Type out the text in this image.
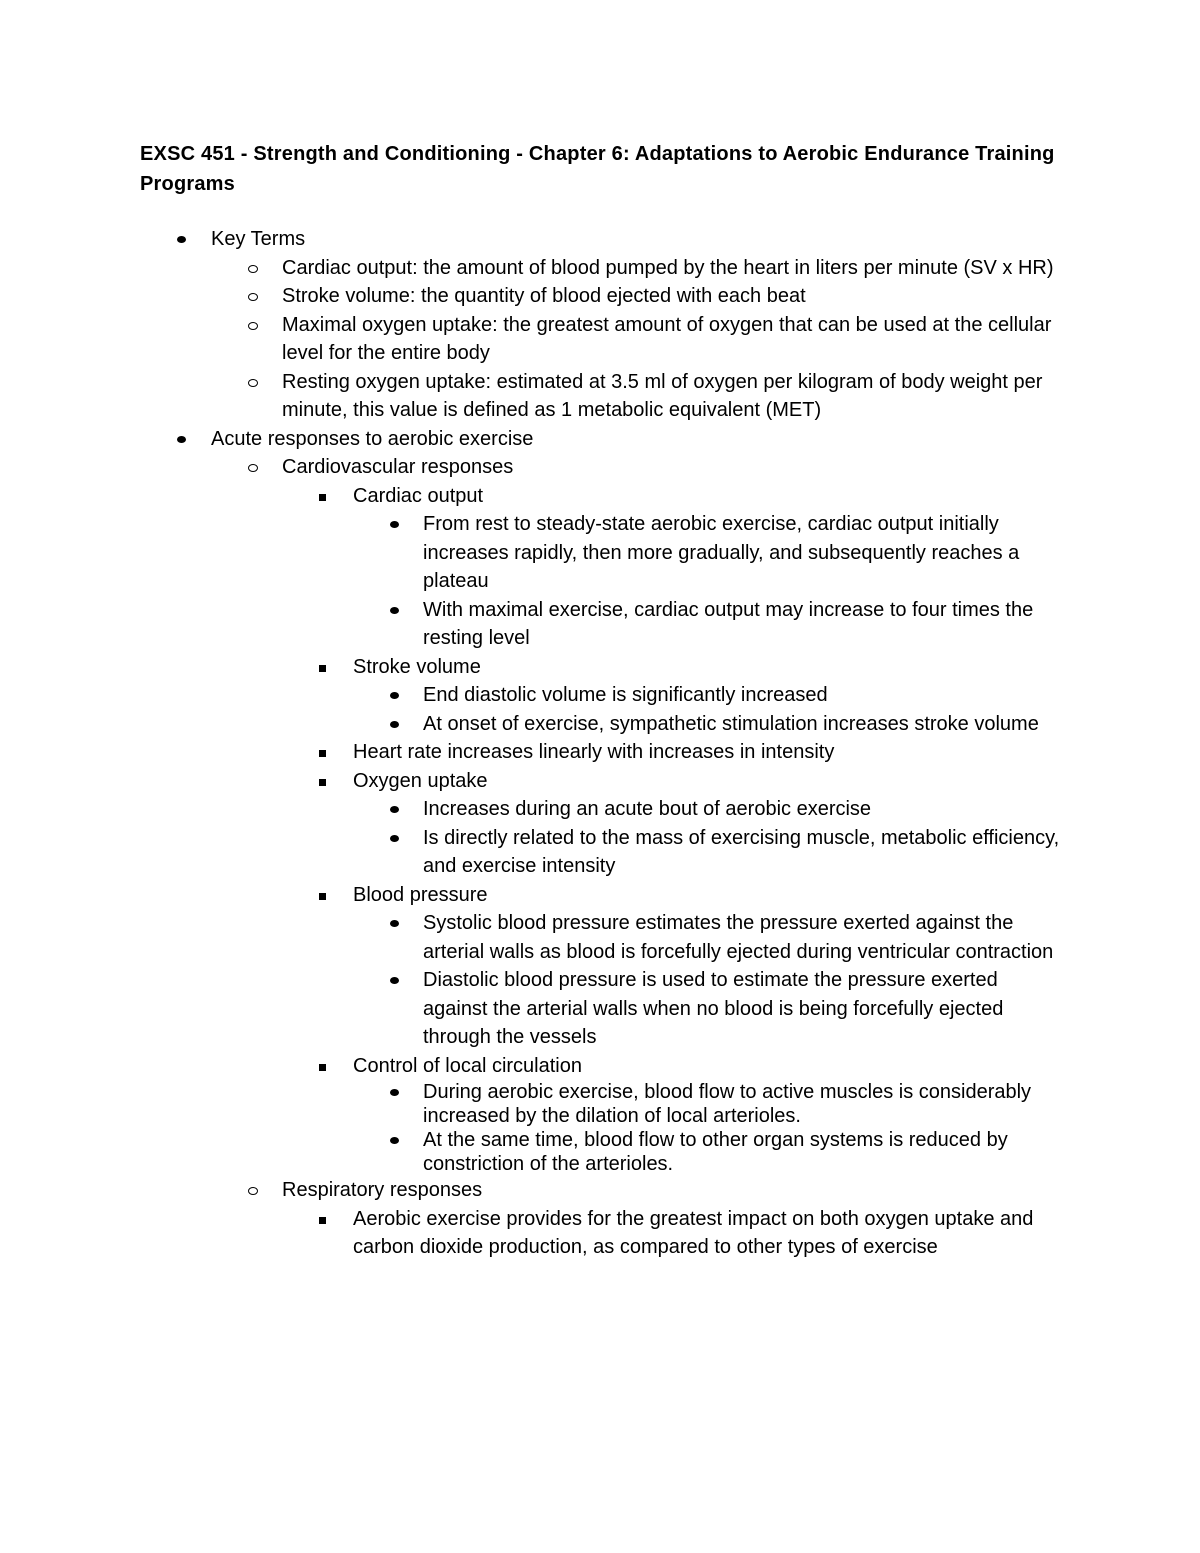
EXSC 451 - Strength and Conditioning - Chapter 6: Adaptations to Aerobic Endurance Training Programs
Key Terms
Cardiac output: the amount of blood pumped by the heart in liters per minute (SV x HR)
Stroke volume: the quantity of blood ejected with each beat
Maximal oxygen uptake: the greatest amount of oxygen that can be used at the cellular level for the entire body
Resting oxygen uptake: estimated at 3.5 ml of oxygen per kilogram of body weight per minute, this value is defined as 1 metabolic equivalent (MET)
Acute responses to aerobic exercise
Cardiovascular responses
Cardiac output
From rest to steady-state aerobic exercise, cardiac output initially increases rapidly, then more gradually, and subsequently reaches a plateau
With maximal exercise, cardiac output may increase to four times the resting level
Stroke volume
End diastolic volume is significantly increased
At onset of exercise, sympathetic stimulation increases stroke volume
Heart rate increases linearly with increases in intensity
Oxygen uptake
Increases during an acute bout of aerobic exercise
Is directly related to the mass of exercising muscle, metabolic efficiency, and exercise intensity
Blood pressure
Systolic blood pressure estimates the pressure exerted against the arterial walls as blood is forcefully ejected during ventricular contraction
Diastolic blood pressure is used to estimate the pressure exerted against the arterial walls when no blood is being forcefully ejected through the vessels
Control of local circulation
During aerobic exercise, blood flow to active muscles is considerably increased by the dilation of local arterioles.
At the same time, blood flow to other organ systems is reduced by constriction of the arterioles.
Respiratory responses
Aerobic exercise provides for the greatest impact on both oxygen uptake and carbon dioxide production, as compared to other types of exercise
